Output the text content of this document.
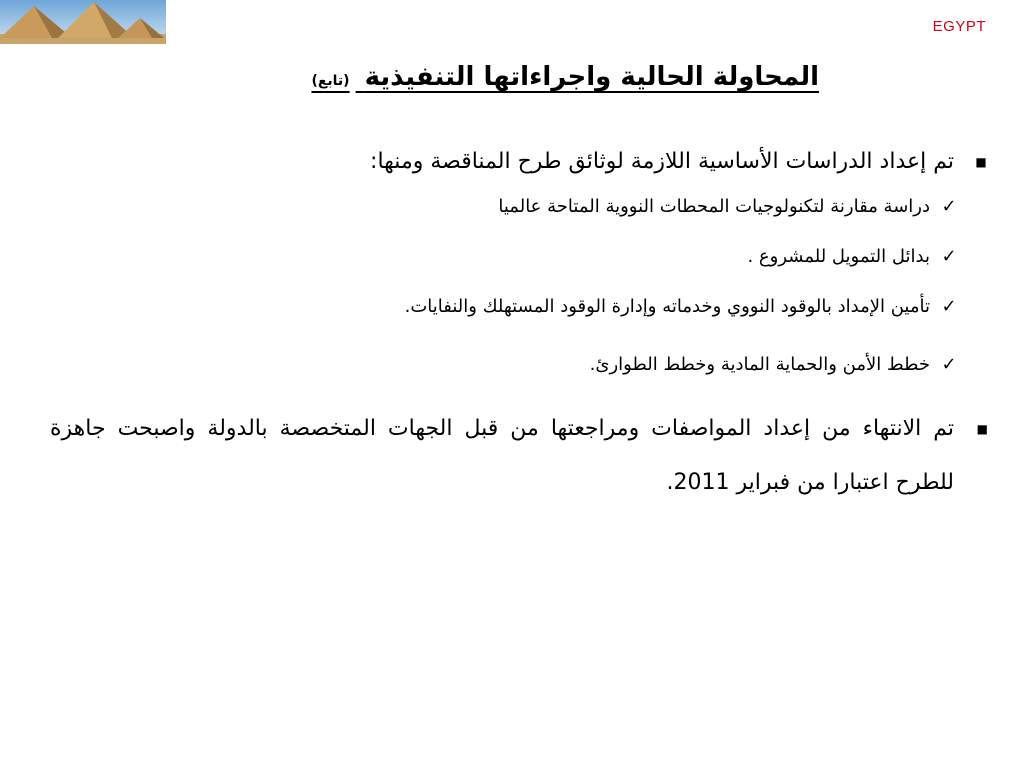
EGYPT
المحاولة الحالية واجراءاتها التنفيذية (تابع)
■
تم إعداد الدراسات الأساسية اللازمة لوثائق طرح المناقصة ومنها:
✓
دراسة مقارنة لتكنولوجيات المحطات النووية المتاحة عالميا
✓
بدائل التمويل للمشروع .
✓
تأمين الإمداد بالوقود النووي وخدماته وإدارة الوقود المستهلك والنفايات.
✓
خطط الأمن والحماية المادية وخطط الطوارئ.
■
تم الانتهاء من إعداد المواصفات ومراجعتها من قبل الجهات المتخصصة بالدولة واصبحت جاهزة للطرح اعتبارا من فبراير 2011.
